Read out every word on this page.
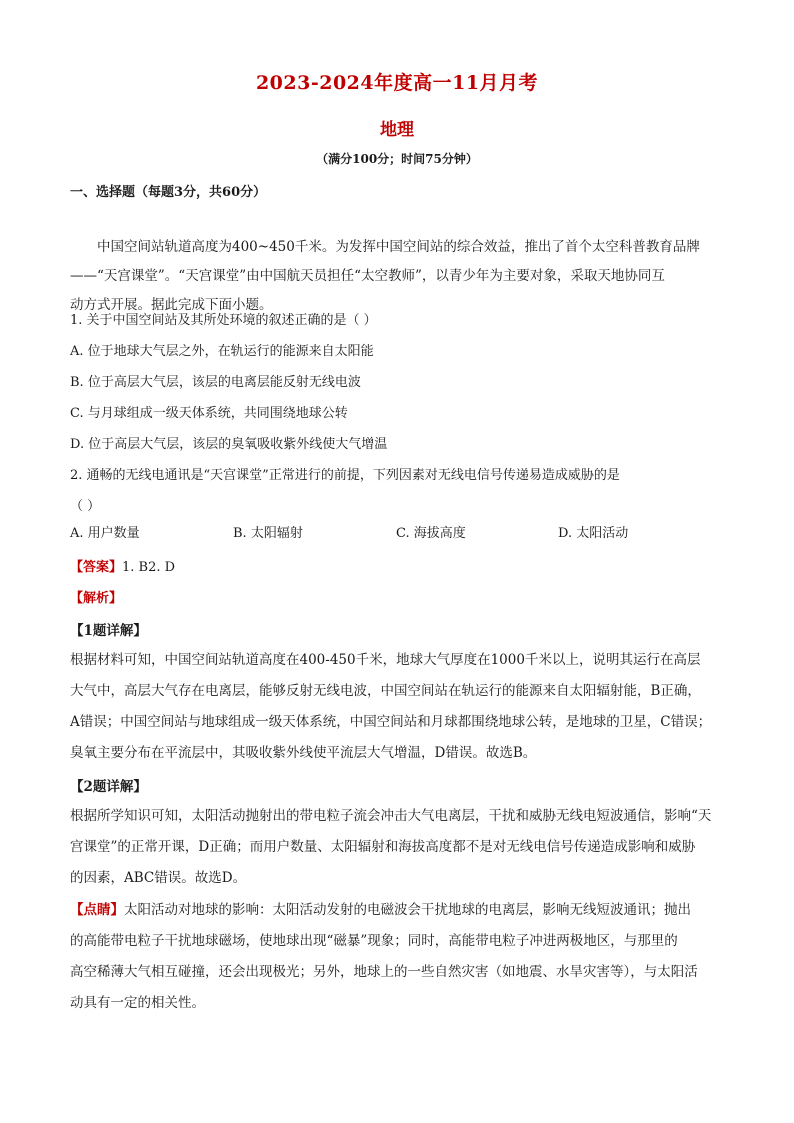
2023-2024年度高一11月月考
地理
（满分100分；时间75分钟）
一、选择题（每题3分，共60分）
中国空间站轨道高度为400~450千米。为发挥中国空间站的综合效益，推出了首个太空科普教育品牌
——“天宫课堂”。“天宫课堂”由中国航天员担任“太空教师”，以青少年为主要对象，采取天地协同互
动方式开展。据此完成下面小题。
1. 关于中国空间站及其所处环境的叙述正确的是（ ）
A. 位于地球大气层之外，在轨运行的能源来自太阳能
B. 位于高层大气层，该层的电离层能反射无线电波
C. 与月球组成一级天体系统，共同围绕地球公转
D. 位于高层大气层，该层的臭氧吸收紫外线使大气增温
2. 通畅的无线电通讯是“天宫课堂”正常进行的前提，下列因素对无线电信号传递易造成威胁的是
（ ）
A. 用户数量	B. 太阳辐射	C. 海拔高度	D. 太阳活动
【答案】1. B2. D
【解析】
【1题详解】
根据材料可知，中国空间站轨道高度在400-450千米，地球大气厚度在1000千米以上，说明其运行在高层
大气中，高层大气存在电离层，能够反射无线电波，中国空间站在轨运行的能源来自太阳辐射能，B正确，
A错误；中国空间站与地球组成一级天体系统，中国空间站和月球都围绕地球公转，是地球的卫星，C错误；
臭氧主要分布在平流层中，其吸收紫外线使平流层大气增温，D错误。故选B。
【2题详解】
根据所学知识可知，太阳活动抛射出的带电粒子流会冲击大气电离层，干扰和威胁无线电短波通信，影响“天
宫课堂”的正常开课，D正确；而用户数量、太阳辐射和海拔高度都不是对无线电信号传递造成影响和威胁
的因素，ABC错误。故选D。
【点睛】太阳活动对地球的影响：太阳活动发射的电磁波会干扰地球的电离层，影响无线短波通讯；抛出
的高能带电粒子干扰地球磁场，使地球出现“磁暴”现象；同时，高能带电粒子冲进两极地区，与那里的
高空稀薄大气相互碰撞，还会出现极光；另外，地球上的一些自然灾害（如地震、水旱灾害等），与太阳活
动具有一定的相关性。
